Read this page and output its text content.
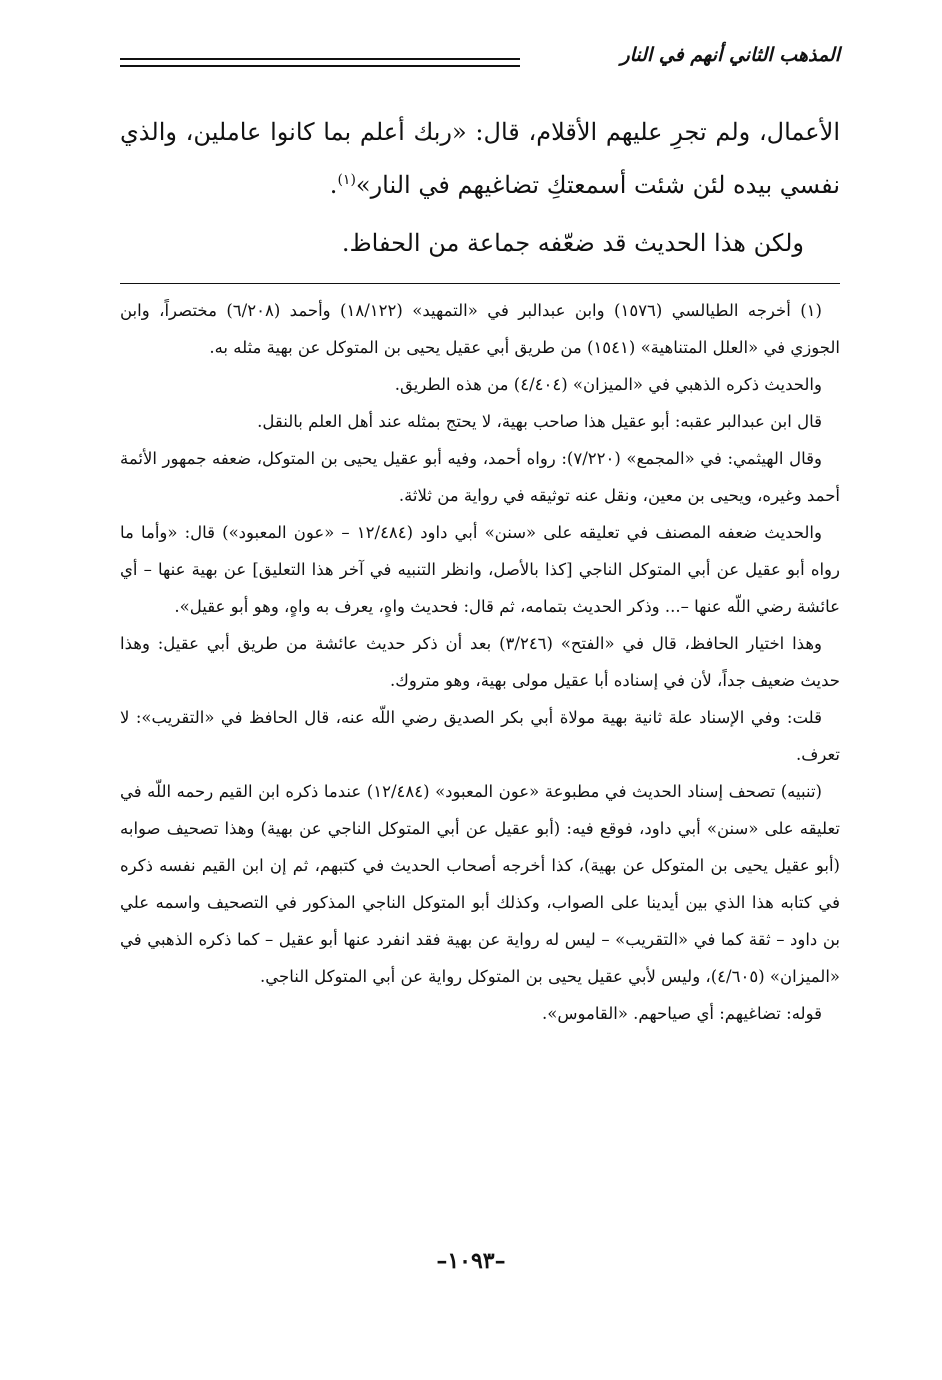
المذهب الثاني أنهم في النار

الأعمال، ولم تجرِ عليهم الأقلام، قال: «ربك أعلم بما كانوا عاملين، والذي نفسي بيده لئن شئت أسمعتكِ تضاغيهم في النار»$^{(١)}$.

ولكن هذا الحديث قد ضعّفه جماعة من الحفاظ.

(١) أخرجه الطيالسي (١٥٧٦) وابن عبدالبر في «التمهيد» (١٨/١٢٢) وأحمد (٦/٢٠٨) مختصراً، وابن الجوزي في «العلل المتناهية» (١٥٤١) من طريق أبي عقيل يحيى بن المتوكل عن بهية مثله به.

والحديث ذكره الذهبي في «الميزان» (٤/٤٠٤) من هذه الطريق.

قال ابن عبدالبر عقبه: أبو عقيل هذا صاحب بهية، لا يحتج بمثله عند أهل العلم بالنقل.

وقال الهيثمي: في «المجمع» (٧/٢٢٠): رواه أحمد، وفيه أبو عقيل يحيى بن المتوكل، ضعفه جمهور الأئمة أحمد وغيره، ويحيى بن معين، ونقل عنه توثيقه في رواية من ثلاثة.

والحديث ضعفه المصنف في تعليقه على «سنن» أبي داود (١٢/٤٨٤ – «عون المعبود») قال: «وأما ما رواه أبو عقيل عن أبي المتوكل الناجي [كذا بالأصل، وانظر التنبيه في آخر هذا التعليق] عن بهية عنها – أي عائشة رضي اللّه عنها –... وذكر الحديث بتمامه، ثم قال: فحديث واهٍ، يعرف به واهٍ، وهو أبو عقيل».

وهذا اختيار الحافظ، قال في «الفتح» (٣/٢٤٦) بعد أن ذكر حديث عائشة من طريق أبي عقيل: وهذا حديث ضعيف جداً، لأن في إسناده أبا عقيل مولى بهية، وهو متروك.

قلت: وفي الإسناد علة ثانية بهية مولاة أبي بكر الصديق رضي اللّه عنه، قال الحافظ في «التقريب»: لا تعرف.

(تنبيه) تصحف إسناد الحديث في مطبوعة «عون المعبود» (١٢/٤٨٤) عندما ذكره ابن القيم رحمه اللّه في تعليقه على «سنن» أبي داود، فوقع فيه: (أبو عقيل عن أبي المتوكل الناجي عن بهية) وهذا تصحيف صوابه (أبو عقيل يحيى بن المتوكل عن بهية)، كذا أخرجه أصحاب الحديث في كتبهم، ثم إن ابن القيم نفسه ذكره في كتابه هذا الذي بين أيدينا على الصواب، وكذلك أبو المتوكل الناجي المذكور في التصحيف واسمه علي بن داود – ثقة كما في «التقريب» – ليس له رواية عن بهية فقد انفرد عنها أبو عقيل – كما ذكره الذهبي في «الميزان» (٤/٦٠٥)، وليس لأبي عقيل يحيى بن المتوكل رواية عن أبي المتوكل الناجي.

قوله: تضاغيهم: أي صياحهم. «القاموس».

–١٠٩٣–
